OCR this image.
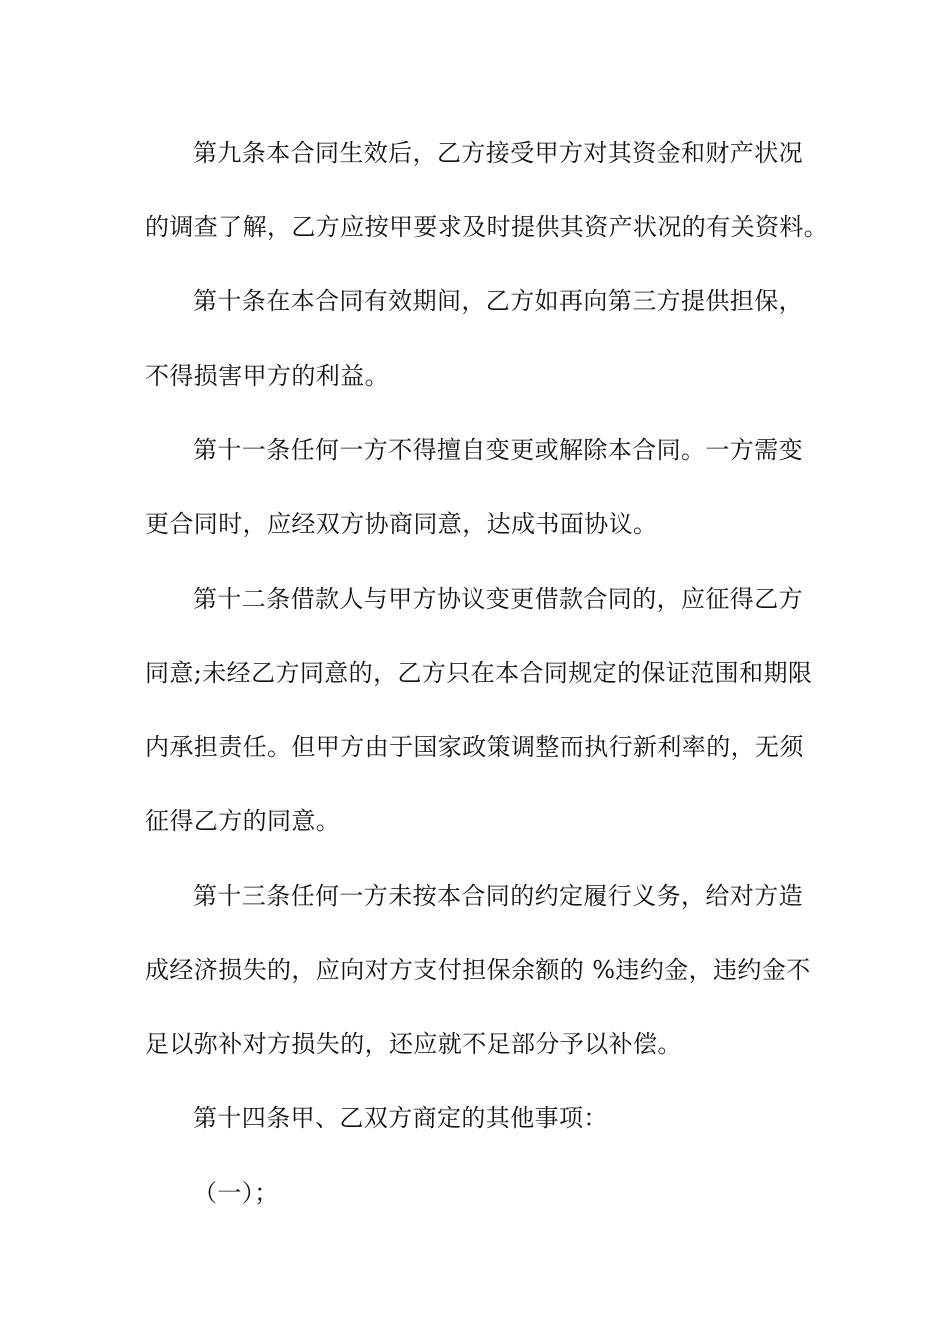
第九条本合同生效后，乙方接受甲方对其资金和财产状况
的调查了解，乙方应按甲要求及时提供其资产状况的有关资料。
第十条在本合同有效期间，乙方如再向第三方提供担保，
不得损害甲方的利益。
第十一条任何一方不得擅自变更或解除本合同。一方需变
更合同时，应经双方协商同意，达成书面协议。
第十二条借款人与甲方协议变更借款合同的，应征得乙方
同意;未经乙方同意的，乙方只在本合同规定的保证范围和期限
内承担责任。但甲方由于国家政策调整而执行新利率的，无须
征得乙方的同意。
第十三条任何一方未按本合同的约定履行义务，给对方造
成经济损失的，应向对方支付担保余额的 %违约金，违约金不
足以弥补对方损失的，还应就不足部分予以补偿。
第十四条甲、乙双方商定的其他事项：
（一）；
